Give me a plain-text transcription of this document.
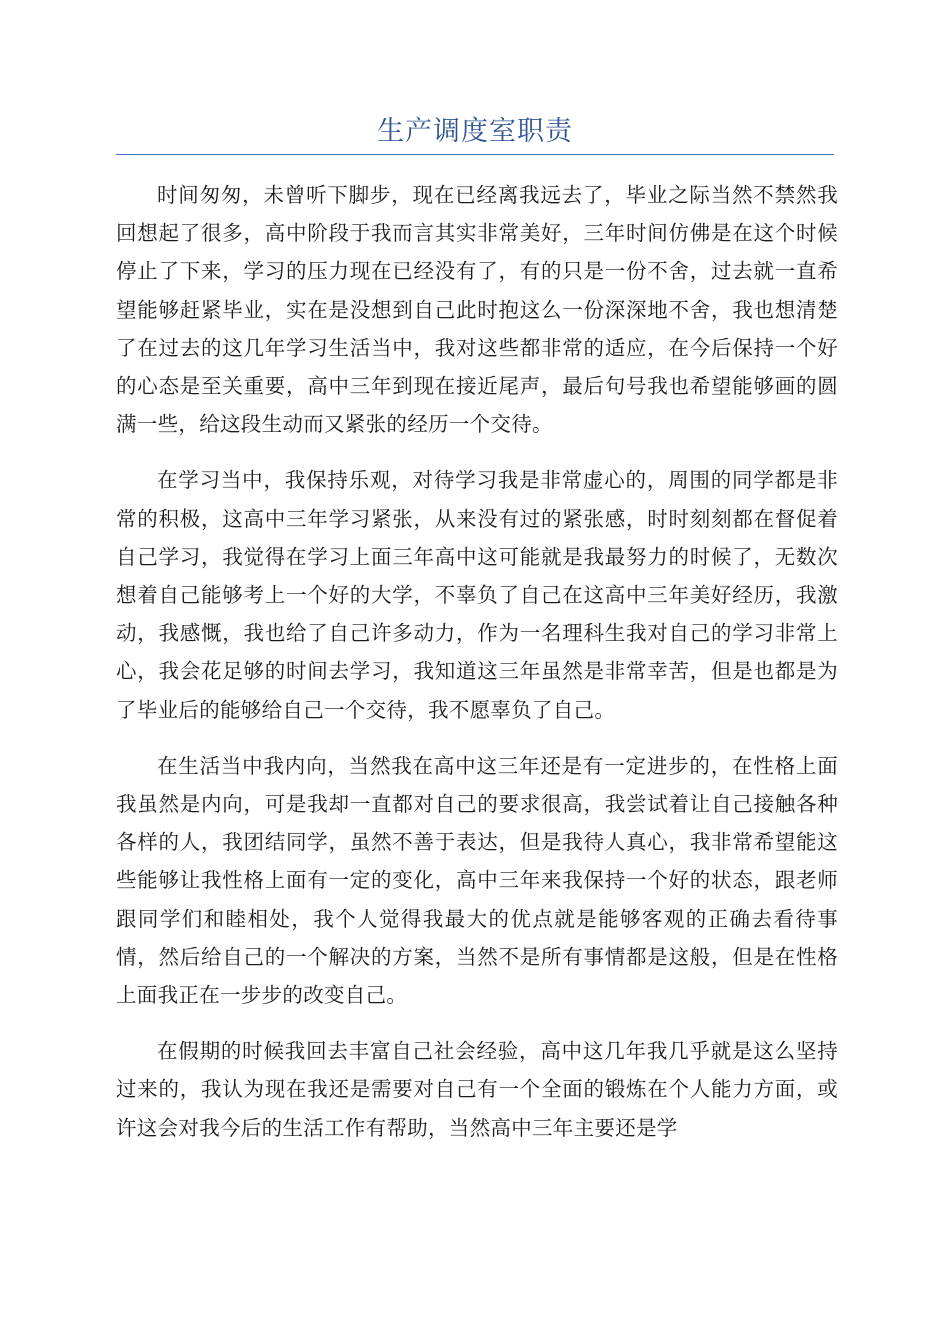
生产调度室职责

时间匆匆，未曾听下脚步，现在已经离我远去了，毕业之际当然不禁然我回想起了很多，高中阶段于我而言其实非常美好，三年时间仿佛是在这个时候停止了下来，学习的压力现在已经没有了，有的只是一份不舍，过去就一直希望能够赶紧毕业，实在是没想到自己此时抱这么一份深深地不舍，我也想清楚了在过去的这几年学习生活当中，我对这些都非常的适应，在今后保持一个好的心态是至关重要，高中三年到现在接近尾声，最后句号我也希望能够画的圆满一些，给这段生动而又紧张的经历一个交待。

在学习当中，我保持乐观，对待学习我是非常虚心的，周围的同学都是非常的积极，这高中三年学习紧张，从来没有过的紧张感，时时刻刻都在督促着自己学习，我觉得在学习上面三年高中这可能就是我最努力的时候了，无数次想着自己能够考上一个好的大学，不辜负了自己在这高中三年美好经历，我激动，我感慨，我也给了自己许多动力，作为一名理科生我对自己的学习非常上心，我会花足够的时间去学习，我知道这三年虽然是非常幸苦，但是也都是为了毕业后的能够给自己一个交待，我不愿辜负了自己。

在生活当中我内向，当然我在高中这三年还是有一定进步的，在性格上面我虽然是内向，可是我却一直都对自己的要求很高，我尝试着让自己接触各种各样的人，我团结同学，虽然不善于表达，但是我待人真心，我非常希望能这些能够让我性格上面有一定的变化，高中三年来我保持一个好的状态，跟老师跟同学们和睦相处，我个人觉得我最大的优点就是能够客观的正确去看待事情，然后给自己的一个解决的方案，当然不是所有事情都是这般，但是在性格上面我正在一步步的改变自己。

在假期的时候我回去丰富自己社会经验，高中这几年我几乎就是这么坚持过来的，我认为现在我还是需要对自己有一个全面的锻炼在个人能力方面，或许这会对我今后的生活工作有帮助，当然高中三年主要还是学
